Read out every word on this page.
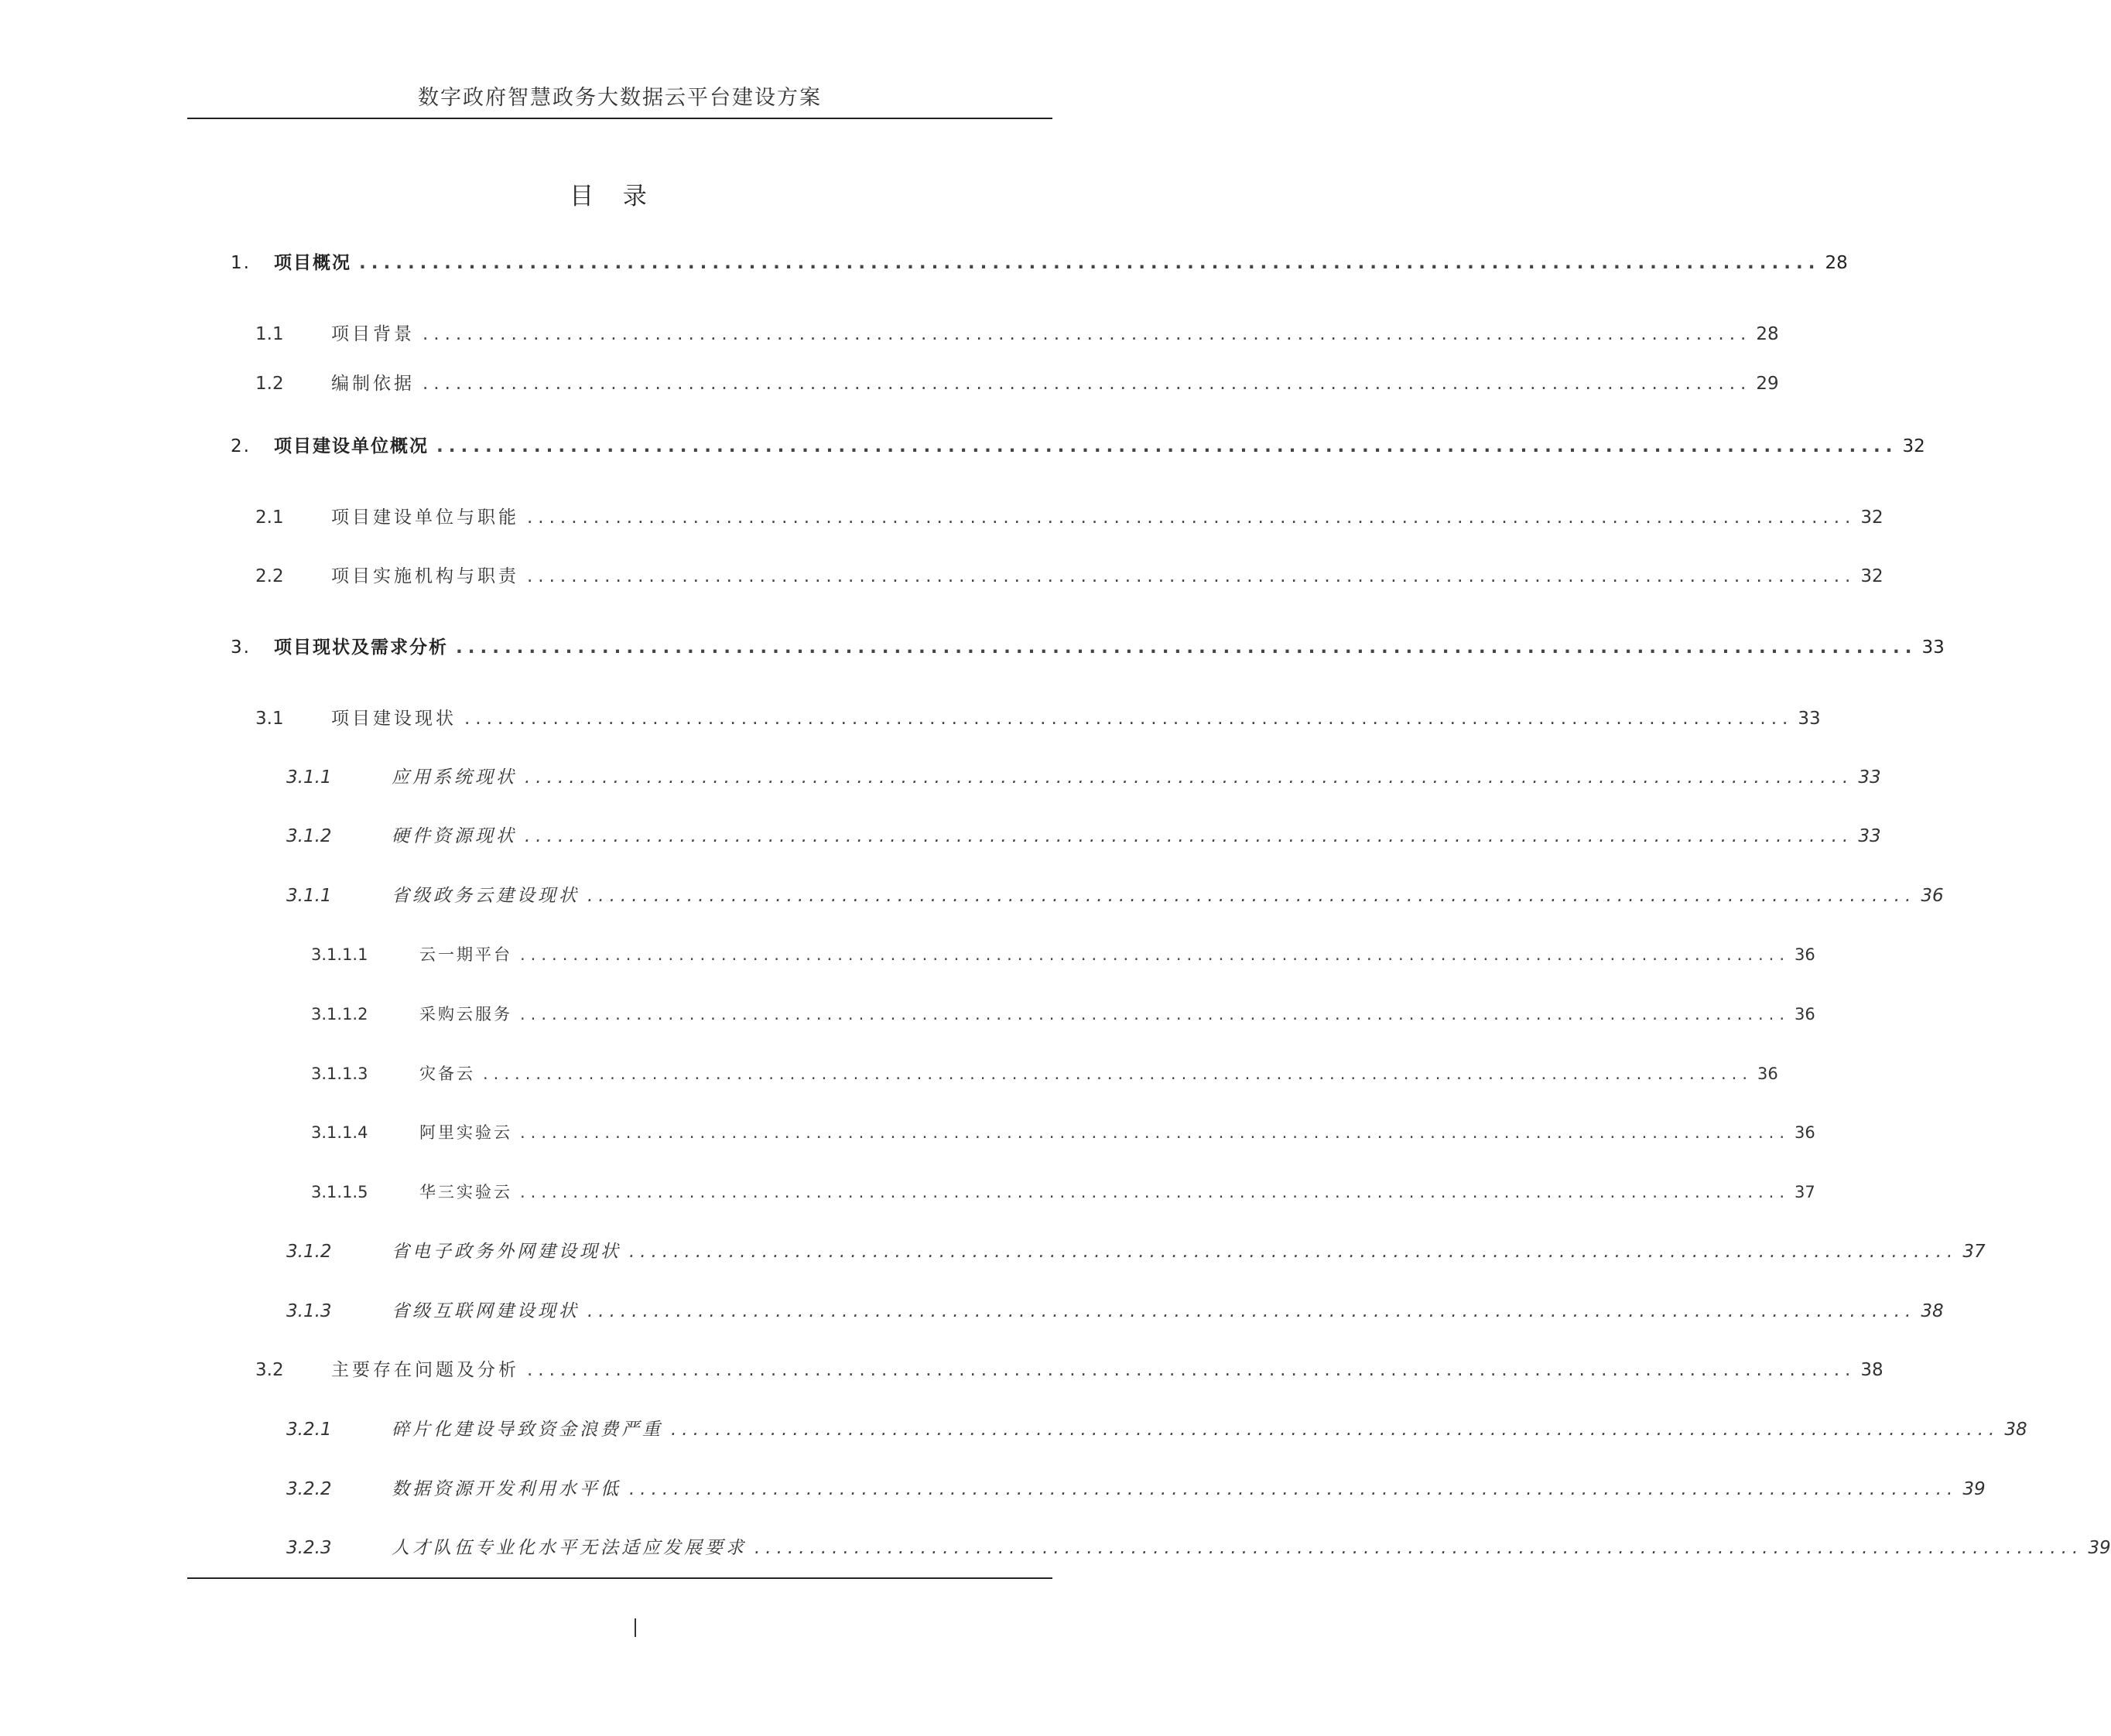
数字政府智慧政务大数据云平台建设方案
目 录
1. 项目概况 ........................................................................................................................ 28
1.1	项目背景 ........................................................................................................................ 28
1.2	编制依据 ........................................................................................................................ 29
2. 项目建设单位概况 ........................................................................................................................ 32
2.1	项目建设单位与职能 ........................................................................................................................ 32
2.2	项目实施机构与职责 ........................................................................................................................ 32
3. 项目现状及需求分析 ........................................................................................................................ 33
3.1	项目建设现状 ........................................................................................................................ 33
3.1.1	应用系统现状 ........................................................................................................................ 33
3.1.2	硬件资源现状 ........................................................................................................................ 33
3.1.1	省级政务云建设现状 ........................................................................................................................ 36
3.1.1.1	云一期平台 ........................................................................................................................ 36
3.1.1.2	采购云服务 ........................................................................................................................ 36
3.1.1.3	灾备云 ........................................................................................................................ 36
3.1.1.4	阿里实验云 ........................................................................................................................ 36
3.1.1.5	华三实验云 ........................................................................................................................ 37
3.1.2	省电子政务外网建设现状 ........................................................................................................................ 37
3.1.3	省级互联网建设现状 ........................................................................................................................ 38
3.2	主要存在问题及分析 ........................................................................................................................ 38
3.2.1	碎片化建设导致资金浪费严重 ........................................................................................................................ 38
3.2.2	数据资源开发利用水平低 ........................................................................................................................ 39
3.2.3	人才队伍专业化水平无法适应发展要求 ........................................................................................................................ 39
